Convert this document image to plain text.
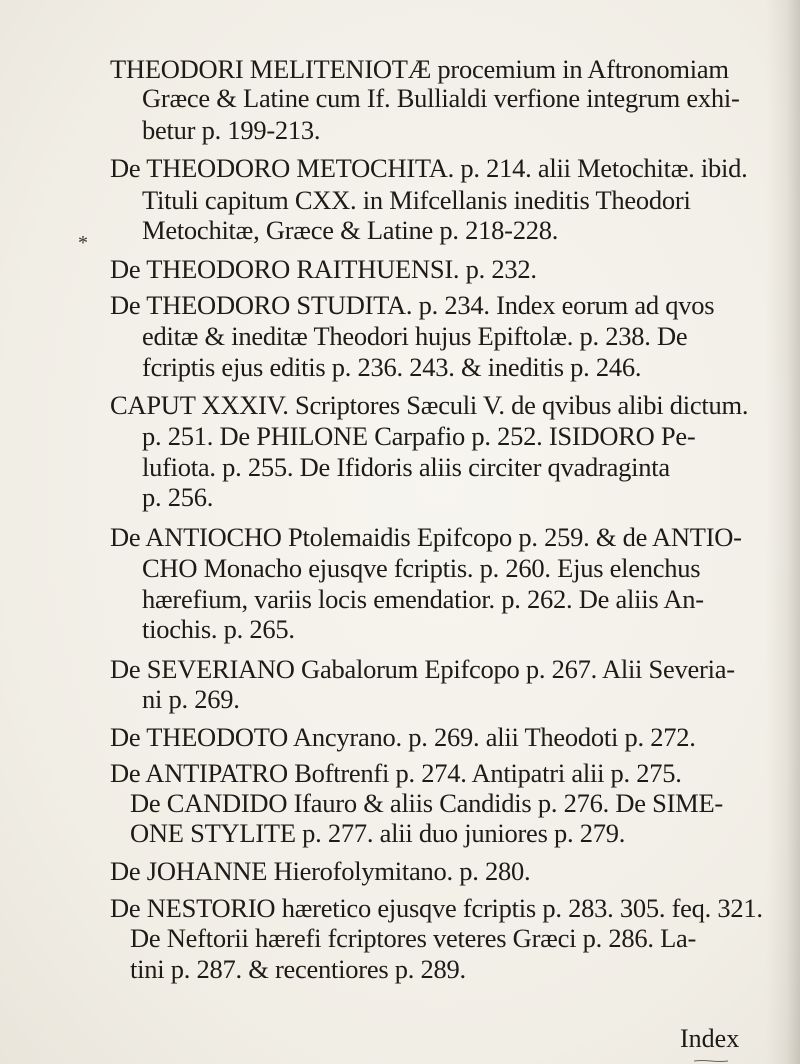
*
THEODORI MELITENIOTÆ procemium in Aftronomiam
Græce & Latine cum If. Bullialdi verfione integrum exhi-
betur p. 199-213.
De THEODORO METOCHITA. p. 214. alii Metochitæ. ibid.
Tituli capitum CXX. in Mifcellanis ineditis Theodori
Metochitæ, Græce & Latine p. 218-228.
De THEODORO RAITHUENSI. p. 232.
De THEODORO STUDITA. p. 234. Index eorum ad qvos
editæ & ineditæ Theodori hujus Epiftolæ. p. 238. De
fcriptis ejus editis p. 236. 243. & ineditis p. 246.
CAPUT XXXIV. Scriptores Sæculi V. de qvibus alibi dictum.
p. 251. De PHILONE Carpafio p. 252. ISIDORO Pe-
lufiota. p. 255. De Ifidoris aliis circiter qvadraginta
p. 256.
De ANTIOCHO Ptolemaidis Epifcopo p. 259. & de ANTIO-
CHO Monacho ejusqve fcriptis. p. 260. Ejus elenchus
hærefium, variis locis emendatior. p. 262. De aliis An-
tiochis. p. 265.
De SEVERIANO Gabalorum Epifcopo p. 267. Alii Severia-
ni p. 269.
De THEODOTO Ancyrano. p. 269. alii Theodoti p. 272.
De ANTIPATRO Boftrenfi p. 274. Antipatri alii p. 275.
De CANDIDO Ifauro & aliis Candidis p. 276. De SIME-
ONE STYLITE p. 277. alii duo juniores p. 279.
De JOHANNE Hierofolymitano. p. 280.
De NESTORIO hæretico ejusqve fcriptis p. 283. 305. feq. 321.
De Neftorii hærefi fcriptores veteres Græci p. 286. La-
tini p. 287. & recentiores p. 289.
Index
